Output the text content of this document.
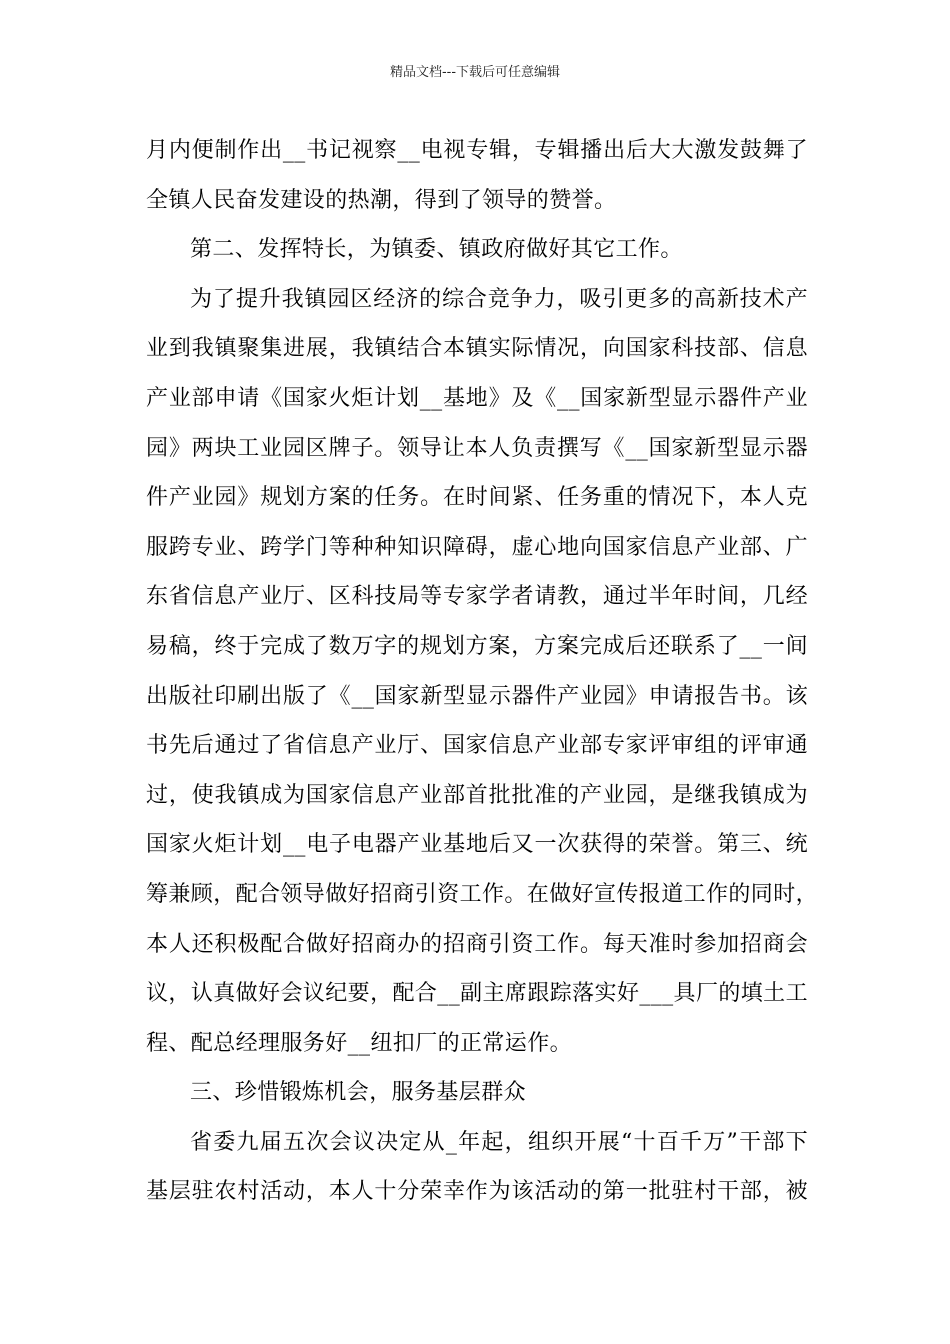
精品文档---下载后可任意编辑
月内便制作出__书记视察__电视专辑，专辑播出后大大激发鼓舞了
全镇人民奋发建设的热潮，得到了领导的赞誉。
第二、发挥特长，为镇委、镇政府做好其它工作。
为了提升我镇园区经济的综合竞争力，吸引更多的高新技术产
业到我镇聚集进展，我镇结合本镇实际情况，向国家科技部、信息
产业部申请《国家火炬计划__基地》及《__国家新型显示器件产业
园》两块工业园区牌子。领导让本人负责撰写《__国家新型显示器
件产业园》规划方案的任务。在时间紧、任务重的情况下，本人克
服跨专业、跨学门等种种知识障碍，虚心地向国家信息产业部、广
东省信息产业厅、区科技局等专家学者请教，通过半年时间，几经
易稿，终于完成了数万字的规划方案，方案完成后还联系了__一间
出版社印刷出版了《__国家新型显示器件产业园》申请报告书。该
书先后通过了省信息产业厅、国家信息产业部专家评审组的评审通
过，使我镇成为国家信息产业部首批批准的产业园，是继我镇成为
国家火炬计划__电子电器产业基地后又一次获得的荣誉。第三、统
筹兼顾，配合领导做好招商引资工作。在做好宣传报道工作的同时，
本人还积极配合做好招商办的招商引资工作。每天准时参加招商会
议，认真做好会议纪要，配合__副主席跟踪落实好___具厂的填土工
程、配总经理服务好__纽扣厂的正常运作。
三、珍惜锻炼机会，服务基层群众
省委九届五次会议决定从_年起，组织开展“十百千万”干部下
基层驻农村活动，本人十分荣幸作为该活动的第一批驻村干部，被
